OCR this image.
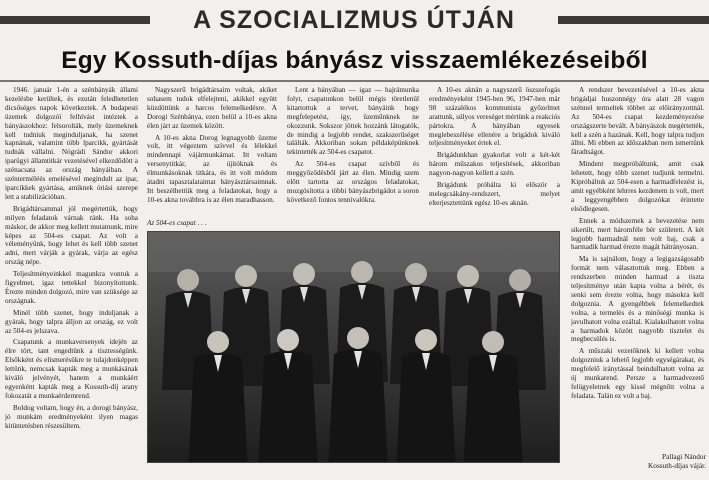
A SZOCIALIZMUS ÚTJÁN
Egy Kossuth-díjas bányász visszaemlékezéseiből

1946. január 1-én a szénbányák állami kezelésbe kerültek, és ezután feledhetetlen dicsőséges napok következtek. A budapesti üzemek dolgozói felhívást intéztek a bányászokhoz: felsorolták, mely üzemeknek kell tudniuk meginduljanak, ha szenet kapnának, valamint több lparcikk, gyártását tudnák vállalni. Nógrádi Sándor akkori iparügyi államtitkár vezetésével elkezdődött a szénacsata az ország bányáiban. A szénterméléés emelésével megindult az ipar, iparcikkek gyártása, amiknek óriási szerepe lett a stabilizációban.

Brigádtársammal jól megértettük, hogy milyen feladatok várnak ránk. Ha soha máskor, de akkor meg kellett mutatnunk, mire képes az 504-es csapat. Az volt a véleményünk, hogy lehet és kell több szenet adni, mert várják a gyárak, várja az egész ország népe.

Teljesítményeinkkel magunkra vontuk a figyelmet, igaz tettekkel bizonyítottunk. Érezte minden dolgozó, mire van szüksége az országnak.

Minél több szenet, hogy induljanak a gyárak, hogy talpra álljon az ország, ez volt az 504-es jelszava.

Csapatunk a munkaversenyek idején az élre tört, tant engedtünk a tisztességünk. Elsőkként és elismerésükre te tulajdonképpen lettünk, nemcsak kapták meg a munkásának kiváló jelvényét, hanem a munkáért egyenként kapták meg a Kossuth-díj arany fokozatát a munkaérdemrend.

Boldog voltam, hogy én, a dorogi bányász, jó munkám eredményeként ilyen magas kitüntetésben részesültem.

Nagyszerű brigádtársaim voltak, akiket sohasem tudok elfelejteni, akikkel együtt küzdöttünk a harcos felemelkedésre. A Dorogi Szénbánya, ezen belül a 10-es akna élen járt az üzemek között.

A 10-es akna Dorog legnagyobb üzeme volt, itt végeztem szívvel és lélekkel mindennapi vájármunkámat. Itt voltam versenytitkár, az újítóknak és élmunkásoknak titkára, és itt volt módom átadni tapasztalataimat bányásztársaimnak. Itt beszélhettük meg a feladatokat, hogy a 10-es akna továbbra is az élen maradhasson.

Lent a bányában — igaz — hajrámunka folyt, csapatunkon belül mégis töretlenül kitartottuk a tervet, bányáink hogy megfelepetést, így, üzeműnknek ne okozzunk. Sokszor jöttek hozzánk látogatók, de mindig a legjobb rendet, szakszerűséget találták. Akkoriban sokan példaképünknek tekintették az 504-es csapatot.

Az 504-es csapat szívből és meggyőződésből járt az élen. Mindig szem előtt tartotta az országos feladatokat, mozgósította a többi bányászbrigádot a soron következő fontos tennivalókra.

A 10-es aknán a nagyszerű öszszefogás eredményeként 1945-ben 96, 1947-ben már 98 százalékos kommunista győzelmet arattunk, súlyos vereséget mértünk a reakciós pártokra. A bányában egyesek meglebeszélése ellenére a brigádok kiváló teljesítményeket értek el.

Brigádunkhan gyakorlat volt a két-két három műszakos teljesítések, akkoriban nagyon-nagyon kellett a szén.

Brigádunk próbálta ki először a melegcsákány-rendszert, melyet elterjesztettünk egész 10-es aknán.

A rendszer bevezetésével a 10-es akna brigádjai huszonnégy óra alatt 28 vagon szénnel termeltek többet az előirányzottnál. Az 504-es csapat kezdeményezése országszerte bevált. A bányászok megértették, kell a szén a hazának. Kell, hogy talpra tudjon állni. Mi ebben az időszakban nem ismertünk fáradtságot.

Mindent megpróbáltunk, amit csak lehetett, hogy több szenet tudjunk termelni. Kipróbáltuk az 504-esen a harmadfelezést is, amit egyébként lehrres kezdenem is volt, mert a leggyengébben dolgozókat érintette elsődlegesen.

Ennek a módszernek a bevezetése nem sikerült, mert háromféle bér született. A két legjobb harmadnál nem volt baj, csak a harmadik harmad érezte magát hátrányosan.

Ma is sajnálom, hogy a legigazságosabb formát nem választottuk meg. Ebben a rendszerben minden harmad a tiszta teljesítménye után kapta volna a bérét, és senki sem érezte volna, hogy másokra kell dolgoznia. A gyengébbek felemelkedtek volna, a termelés és a minőségi munka is javulhatott volna ezáltal. Kialakulhatott volna a harmadok között nagyobb tisztelet és megbecsülés is.

A műszaki vezetőknek ki kellett volna dolgozniuk a lehető legjobb egységárakat, és megfelelő iránytással beindulhatott volna az új munkarend. Persze a harmadvezető felügyeletnek egy kissé mégnőtt volna a feladata. Talán ez volt a baj.

Az 504-es csapat . . .
Pallagi Nándor
Kossuth-díjas vájár.
